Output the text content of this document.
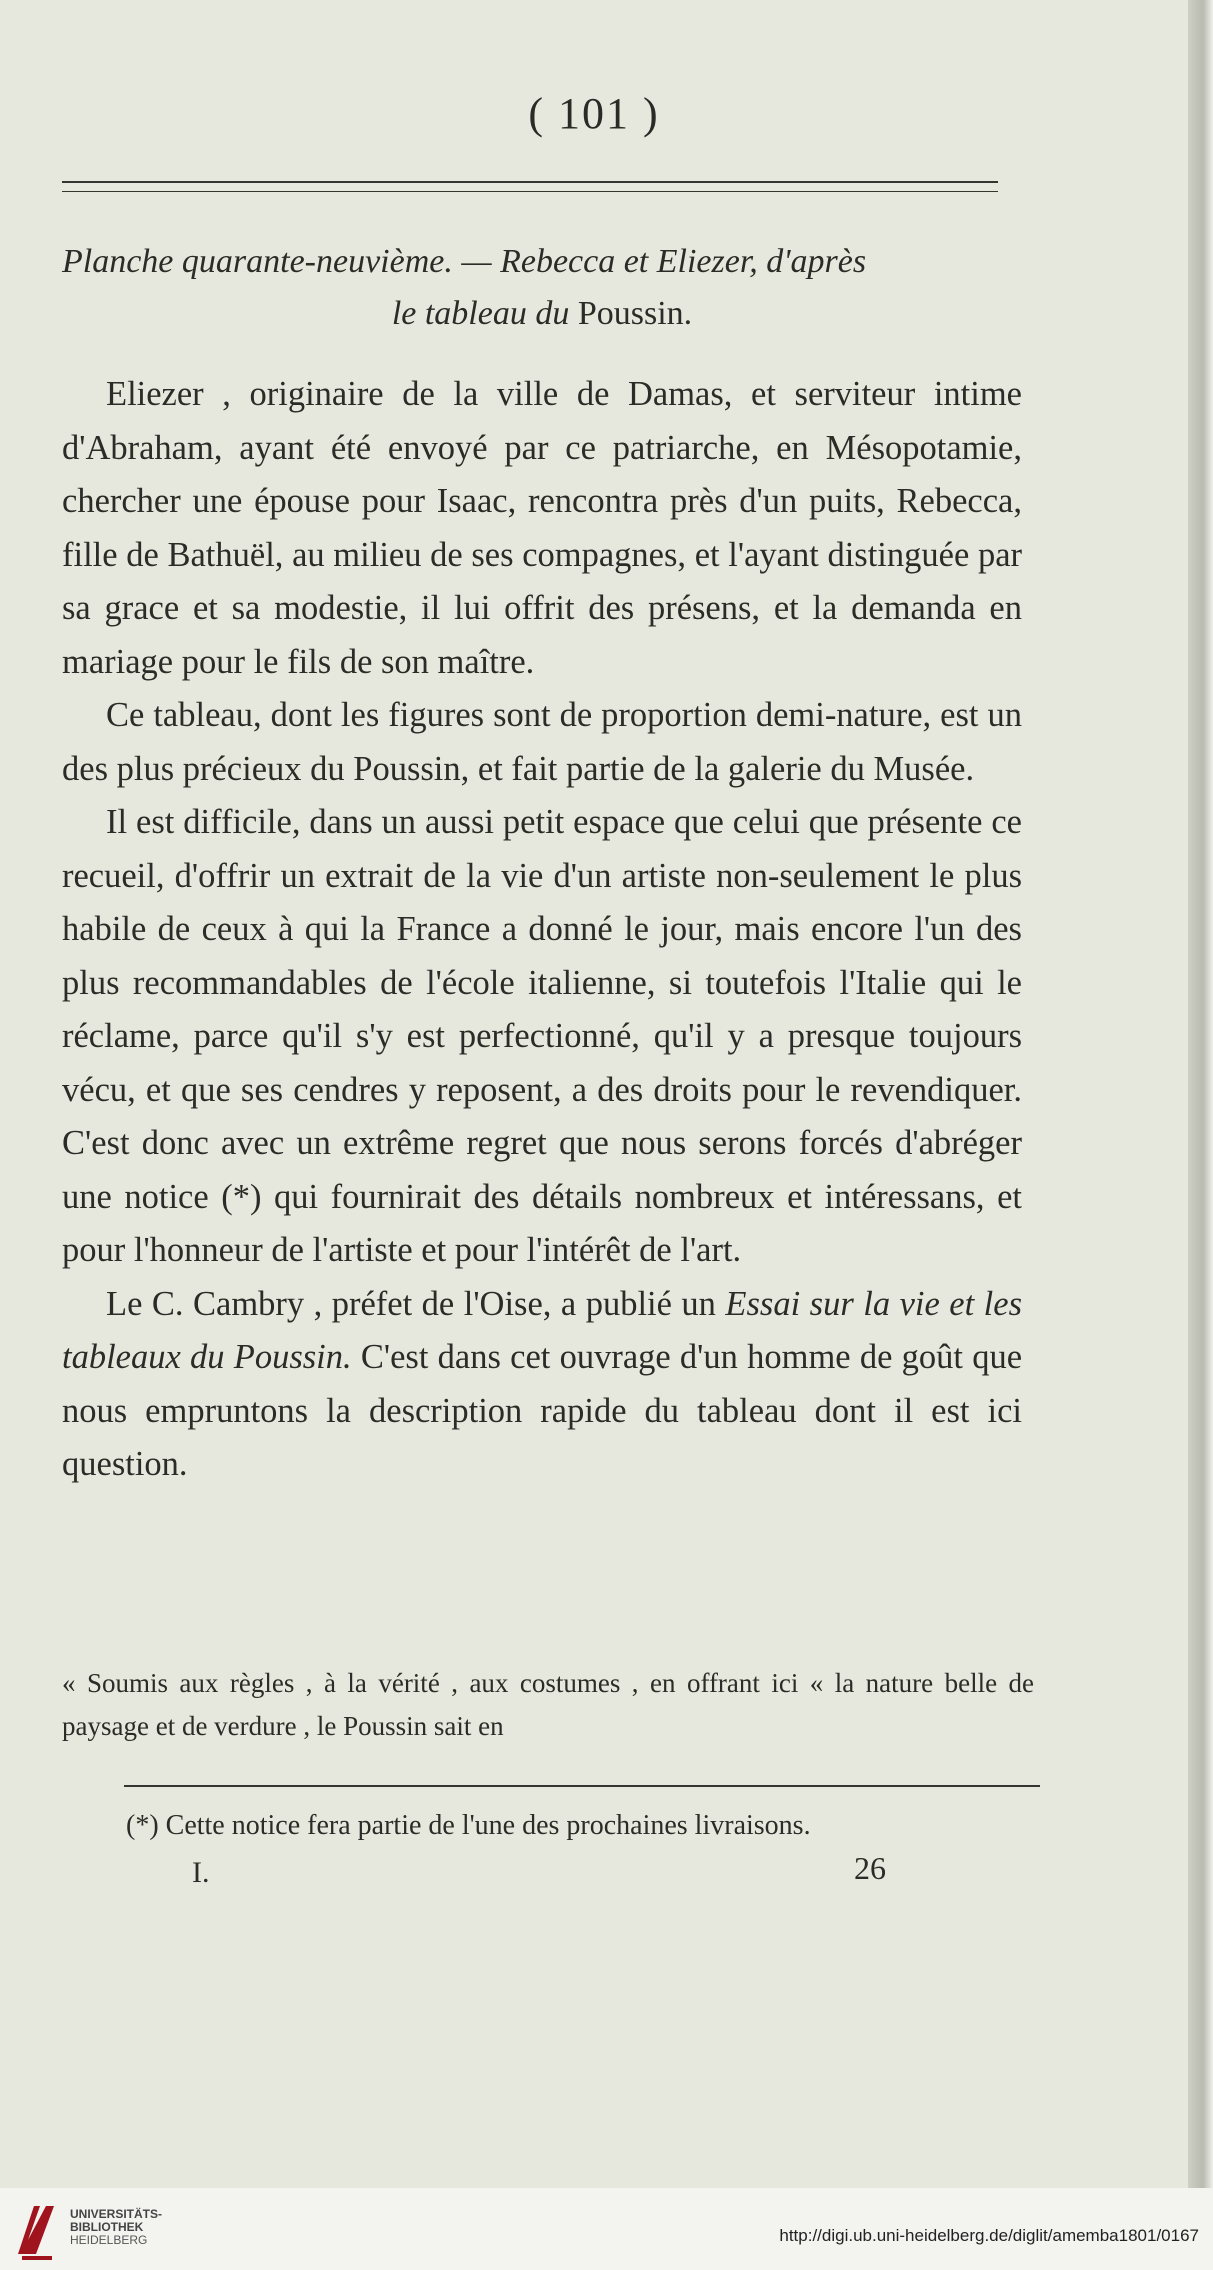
( 101 )
Planche quarante-neuvième. — Rebecca et Eliezer, d'après
le tableau du Poussin.

Eliezer , originaire de la ville de Damas, et serviteur intime d'Abraham, ayant été envoyé par ce patriarche, en Mésopotamie, chercher une épouse pour Isaac, rencontra près d'un puits, Rebecca, fille de Bathuël, au milieu de ses compagnes, et l'ayant distinguée par sa grace et sa modestie, il lui offrit des présens, et la demanda en mariage pour le fils de son maître.

Ce tableau, dont les figures sont de proportion demi-nature, est un des plus précieux du Poussin, et fait partie de la galerie du Musée.

Il est difficile, dans un aussi petit espace que celui que présente ce recueil, d'offrir un extrait de la vie d'un artiste non-seulement le plus habile de ceux à qui la France a donné le jour, mais encore l'un des plus recommandables de l'école italienne, si toutefois l'Italie qui le réclame, parce qu'il s'y est perfectionné, qu'il y a presque toujours vécu, et que ses cendres y reposent, a des droits pour le revendiquer. C'est donc avec un extrême regret que nous serons forcés d'abréger une notice (*) qui fournirait des détails nombreux et intéressans, et pour l'honneur de l'artiste et pour l'intérêt de l'art.

Le C. Cambry , préfet de l'Oise, a publié un Essai sur la vie et les tableaux du Poussin. C'est dans cet ouvrage d'un homme de goût que nous empruntons la description rapide du tableau dont il est ici question.

« Soumis aux règles , à la vérité , aux costumes , en offrant ici « la nature belle de paysage et de verdure , le Poussin sait en
(*) Cette notice fera partie de l'une des prochaines livraisons.
I.	26
UNIVERSITÄTS-
BIBLIOTHEK
HEIDELBERG	http://digi.ub.uni-heidelberg.de/diglit/amemba1801/0167
